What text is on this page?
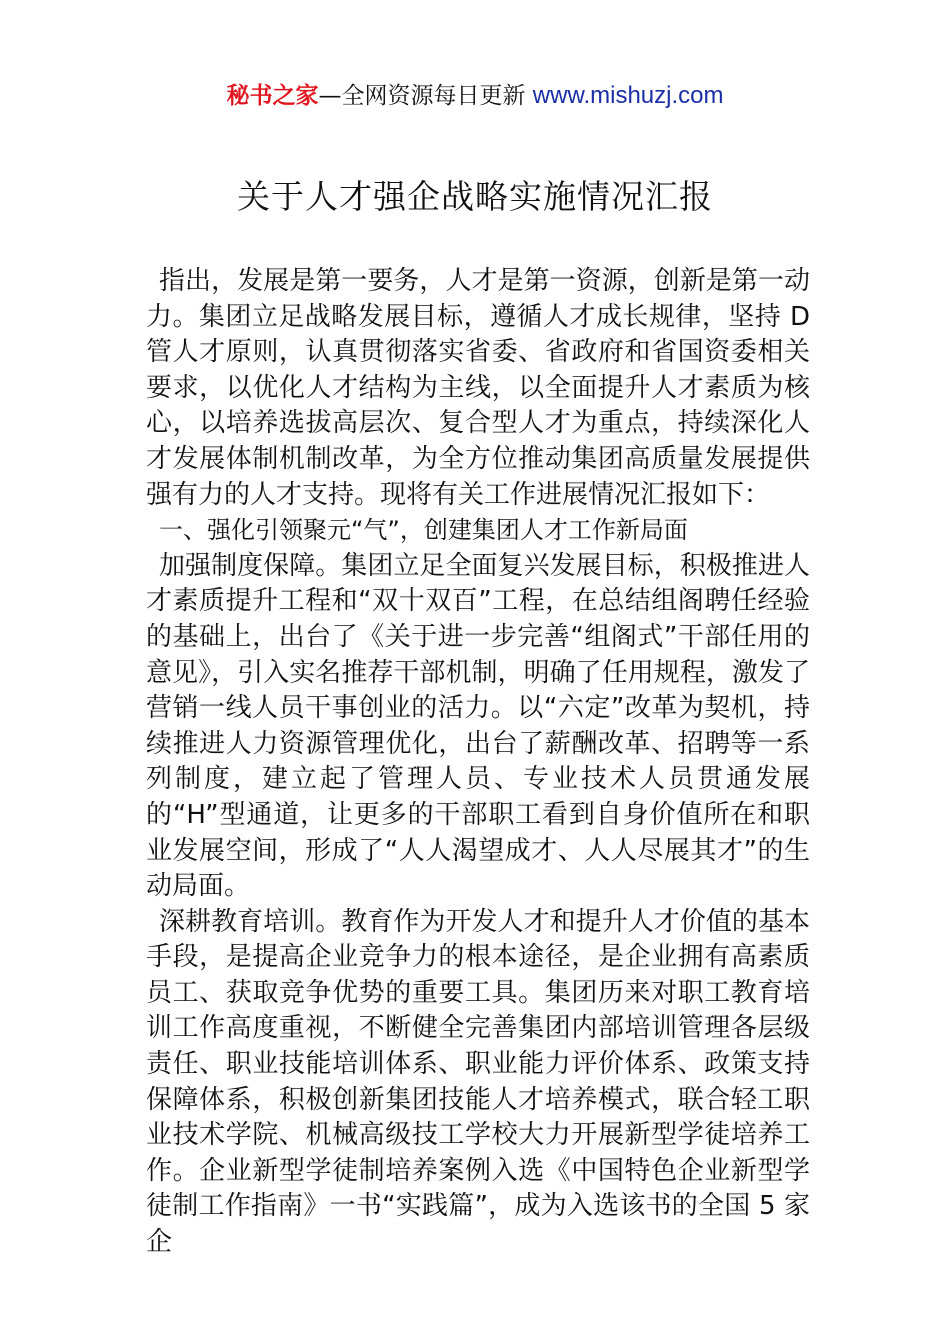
秘书之家—全网资源每日更新 www.mishuzj.com
关于人才强企战略实施情况汇报

指出，发展是第一要务，人才是第一资源，创新是第一动力。集团立足战略发展目标，遵循人才成长规律，坚持 D管人才原则，认真贯彻落实省委、省政府和省国资委相关要求，以优化人才结构为主线，以全面提升人才素质为核心，以培养选拔高层次、复合型人才为重点，持续深化人才发展体制机制改革，为全方位推动集团高质量发展提供强有力的人才支持。现将有关工作进展情况汇报如下：

一、强化引领聚元“气”，创建集团人才工作新局面

加强制度保障。集团立足全面复兴发展目标，积极推进人才素质提升工程和“双十双百”工程，在总结组阁聘任经验的基础上，出台了《关于进一步完善“组阁式”干部任用的意见》，引入实名推荐干部机制，明确了任用规程，激发了营销一线人员干事创业的活力。以“六定”改革为契机，持续推进人力资源管理优化，出台了薪酬改革、招聘等一系列制度，建立起了管理人员、专业技术人员贯通发展的“H”型通道，让更多的干部职工看到自身价值所在和职业发展空间，形成了“人人渴望成才、人人尽展其才”的生动局面。

深耕教育培训。教育作为开发人才和提升人才价值的基本手段，是提高企业竞争力的根本途径，是企业拥有高素质员工、获取竞争优势的重要工具。集团历来对职工教育培训工作高度重视，不断健全完善集团内部培训管理各层级责任、职业技能培训体系、职业能力评价体系、政策支持保障体系，积极创新集团技能人才培养模式，联合轻工职业技术学院、机械高级技工学校大力开展新型学徒培养工作。企业新型学徒制培养案例入选《中国特色企业新型学徒制工作指南》一书“实践篇”，成为入选该书的全国 5 家企
